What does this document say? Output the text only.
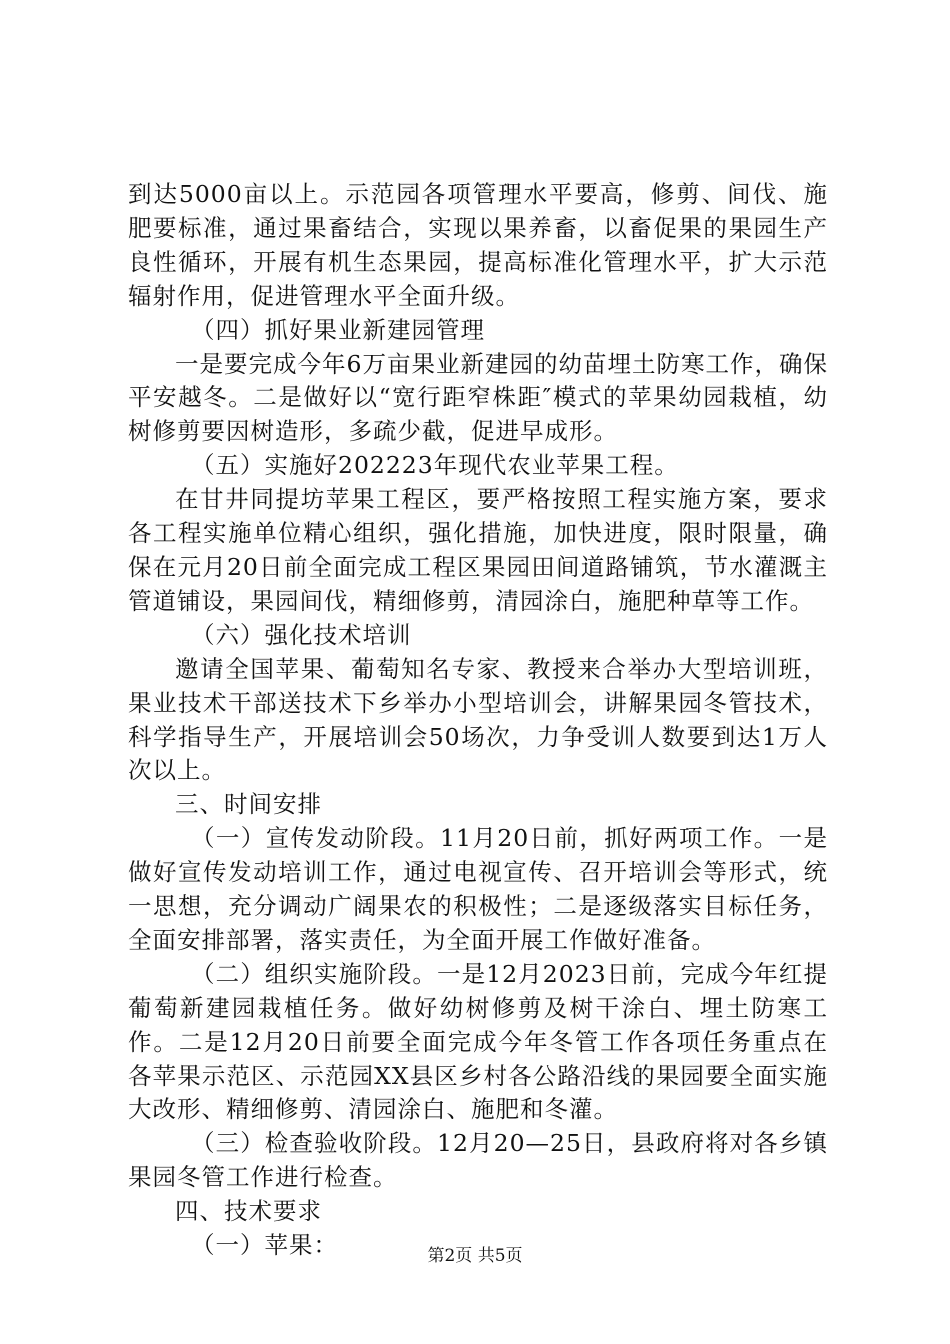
到达5000亩以上。示范园各项管理水平要高，修剪、间伐、施肥要标准，通过果畜结合，实现以果养畜，以畜促果的果园生产良性循环，开展有机生态果园，提高标准化管理水平，扩大示范辐射作用，促进管理水平全面升级。

（四）抓好果业新建园管理

一是要完成今年6万亩果业新建园的幼苗埋土防寒工作，确保平安越冬。二是做好以“宽行距窄株距″模式的苹果幼园栽植，幼树修剪要因树造形，多疏少截，促进早成形。

（五）实施好202223年现代农业苹果工程。

在甘井同提坊苹果工程区，要严格按照工程实施方案，要求各工程实施单位精心组织，强化措施，加快进度，限时限量，确保在元月20日前全面完成工程区果园田间道路铺筑，节水灌溉主管道铺设，果园间伐，精细修剪，清园涂白，施肥种草等工作。

（六）强化技术培训

邀请全国苹果、葡萄知名专家、教授来合举办大型培训班，果业技术干部送技术下乡举办小型培训会，讲解果园冬管技术，科学指导生产，开展培训会50场次，力争受训人数要到达1万人次以上。

三、时间安排

（一）宣传发动阶段。11月20日前，抓好两项工作。一是做好宣传发动培训工作，通过电视宣传、召开培训会等形式，统一思想，充分调动广阔果农的积极性；二是逐级落实目标任务，全面安排部署，落实责任，为全面开展工作做好准备。

（二）组织实施阶段。一是12月2023日前，完成今年红提葡萄新建园栽植任务。做好幼树修剪及树干涂白、埋土防寒工作。二是12月20日前要全面完成今年冬管工作各项任务重点在各苹果示范区、示范园XX县区乡村各公路沿线的果园要全面实施大改形、精细修剪、清园涂白、施肥和冬灌。

（三）检查验收阶段。12月20—25日，县政府将对各乡镇果园冬管工作进行检查。

四、技术要求

（一）苹果：	第2页 共5页
